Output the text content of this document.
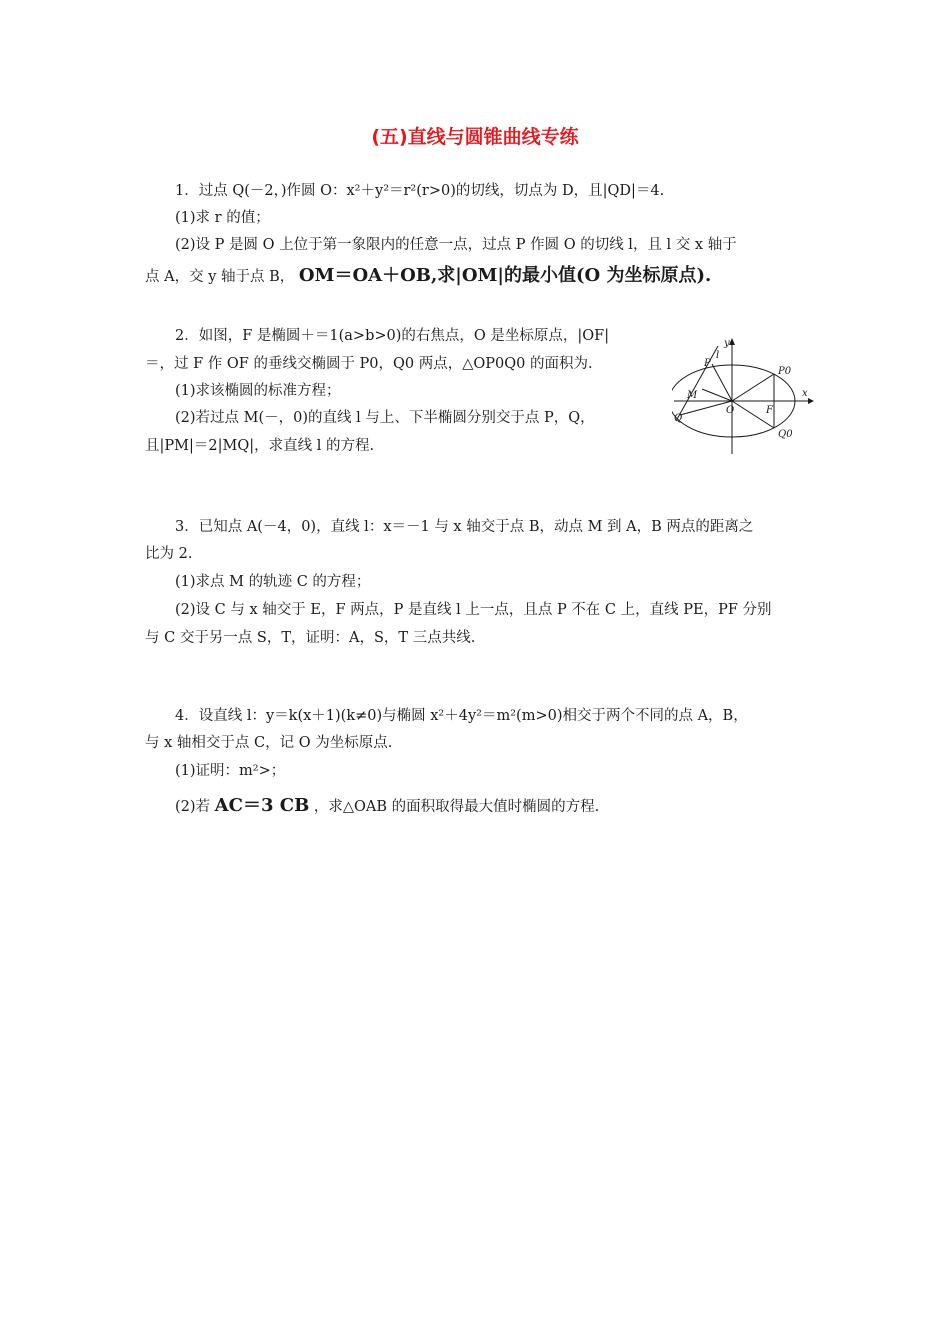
(五)直线与圆锥曲线专练
1．过点 Q(－2，)作圆 O：x²＋y²＝r²(r>0)的切线，切点为 D，且|QD|＝4.
(1)求 r 的值；
(2)设 P 是圆 O 上位于第一象限内的任意一点，过点 P 作圆 O 的切线 l，且 l 交 x 轴于
点 A，交 y 轴于点 B， OM＝OA＋OB,求|OM|的最小值(O 为坐标原点).
2．如图，F 是椭圆＋＝1(a>b>0)的右焦点，O 是坐标原点，|OF|
＝，过 F 作 OF 的垂线交椭圆于 P0，Q0 两点，△OP0Q0 的面积为.
(1)求该椭圆的标准方程；
(2)若过点 M(－，0)的直线 l 与上、下半椭圆分别交于点 P，Q，
且|PM|＝2|MQ|，求直线 l 的方程.
y
x
O	F
P
l
M
Q
P0
Q0
3．已知点 A(－4，0)，直线 l：x＝－1 与 x 轴交于点 B，动点 M 到 A，B 两点的距离之
比为 2.
(1)求点 M 的轨迹 C 的方程；
(2)设 C 与 x 轴交于 E，F 两点，P 是直线 l 上一点，且点 P 不在 C 上，直线 PE，PF 分别
与 C 交于另一点 S，T，证明：A，S，T 三点共线.
4．设直线 l：y＝k(x＋1)(k≠0)与椭圆 x²＋4y²＝m²(m>0)相交于两个不同的点 A，B，
与 x 轴相交于点 C，记 O 为坐标原点.
(1)证明：m²>；
(2)若 AC＝3 CB ，求△OAB 的面积取得最大值时椭圆的方程.
